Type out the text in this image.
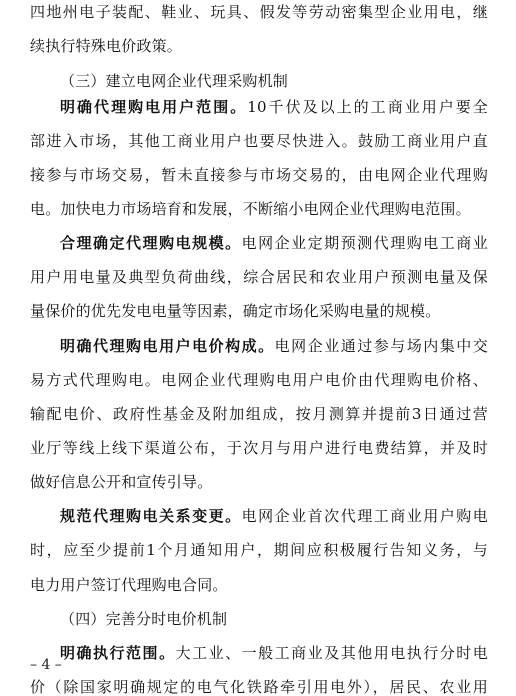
四地州电子装配、鞋业、玩具、假发等劳动密集型企业用电，继
续执行特殊电价政策。
（三）建立电网企业代理采购机制
明确代理购电用户范围。10千伏及以上的工商业用户要全
部进入市场，其他工商业用户也要尽快进入。鼓励工商业用户直
接参与市场交易，暂未直接参与市场交易的，由电网企业代理购
电。加快电力市场培育和发展，不断缩小电网企业代理购电范围。
合理确定代理购电规模。电网企业定期预测代理购电工商业
用户用电量及典型负荷曲线，综合居民和农业用户预测电量及保
量保价的优先发电电量等因素，确定市场化采购电量的规模。
明确代理购电用户电价构成。电网企业通过参与场内集中交
易方式代理购电。电网企业代理购电用户电价由代理购电价格、
输配电价、政府性基金及附加组成，按月测算并提前3日通过营
业厅等线上线下渠道公布，于次月与用户进行电费结算，并及时
做好信息公开和宣传引导。
规范代理购电关系变更。电网企业首次代理工商业用户购电
时，应至少提前1个月通知用户，期间应积极履行告知义务，与
电力用户签订代理购电合同。
（四）完善分时电价机制
明确执行范围。大工业、一般工商业及其他用电执行分时电
价（除国家明确规定的电气化铁路牵引用电外），居民、农业用
– 4 –
